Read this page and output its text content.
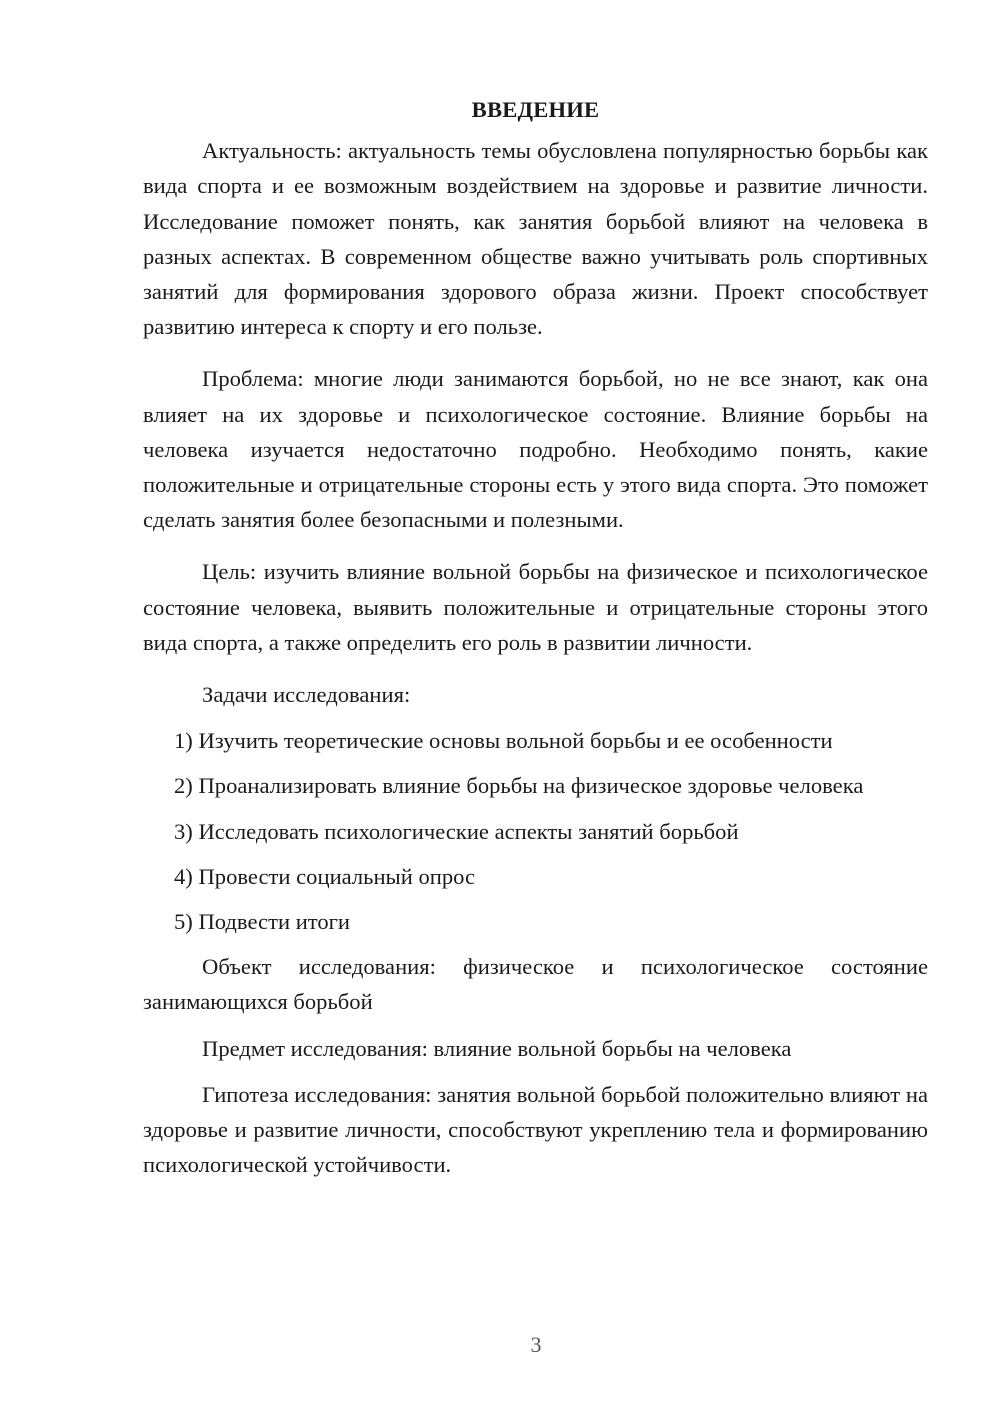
ВВЕДЕНИЕ

Актуальность: актуальность темы обусловлена популярностью борьбы как вида спорта и ее возможным воздействием на здоровье и развитие личности. Исследование поможет понять, как занятия борьбой влияют на человека в разных аспектах. В современном обществе важно учитывать роль спортивных занятий для формирования здорового образа жизни. Проект способствует развитию интереса к спорту и его пользе.

Проблема: многие люди занимаются борьбой, но не все знают, как она влияет на их здоровье и психологическое состояние. Влияние борьбы на человека изучается недостаточно подробно. Необходимо понять, какие положительные и отрицательные стороны есть у этого вида спорта. Это поможет сделать занятия более безопасными и полезными.

Цель: изучить влияние вольной борьбы на физическое и психологическое состояние человека, выявить положительные и отрицательные стороны этого вида спорта, а также определить его роль в развитии личности.

Задачи исследования:

1) Изучить теоретические основы вольной борьбы и ее особенности

2) Проанализировать влияние борьбы на физическое здоровье человека

3) Исследовать психологические аспекты занятий борьбой

4) Провести социальный опрос

5) Подвести итоги

Объект исследования: физическое и психологическое состояние занимающихся борьбой

Предмет исследования: влияние вольной борьбы на человека

Гипотеза исследования: занятия вольной борьбой положительно влияют на здоровье и развитие личности, способствуют укреплению тела и формированию психологической устойчивости.

3
